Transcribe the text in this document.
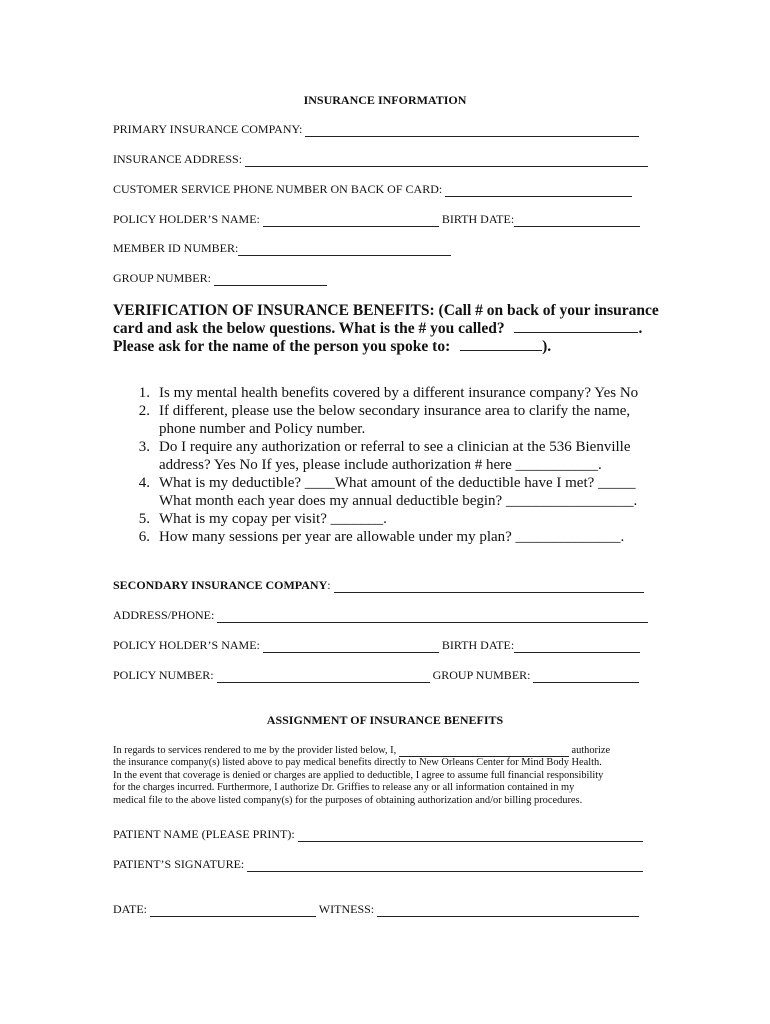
INSURANCE INFORMATION
PRIMARY INSURANCE COMPANY:
INSURANCE ADDRESS:
CUSTOMER SERVICE PHONE NUMBER ON BACK OF CARD:
POLICY HOLDER’S NAME:	BIRTH DATE:
MEMBER ID NUMBER:
GROUP NUMBER:
VERIFICATION OF INSURANCE BENEFITS: (Call # on back of your insurance
card and ask the below questions. What is the # you called?	.
Please ask for the name of the person you spoke to:	).
1. Is my mental health benefits covered by a different insurance company? Yes No
2. If different, please use the below secondary insurance area to clarify the name,
phone number and Policy number.
3. Do I require any authorization or referral to see a clinician at the 536 Bienville
address? Yes No If yes, please include authorization # here ___________.
4. What is my deductible? ____What amount of the deductible have I met? _____
What month each year does my annual deductible begin? _________________.
5. What is my copay per visit? _______.
6. How many sessions per year are allowable under my plan? ______________.
SECONDARY INSURANCE COMPANY:
ADDRESS/PHONE:
POLICY HOLDER’S NAME:	BIRTH DATE:
POLICY NUMBER:	GROUP NUMBER:
ASSIGNMENT OF INSURANCE BENEFITS
In regards to services rendered to me by the provider listed below, I,	authorize
the insurance company(s) listed above to pay medical benefits directly to New Orleans Center for Mind Body Health.
In the event that coverage is denied or charges are applied to deductible, I agree to assume full financial responsibility
for the charges incurred. Furthermore, I authorize Dr. Griffies to release any or all information contained in my
medical file to the above listed company(s) for the purposes of obtaining authorization and/or billing procedures.
PATIENT NAME (PLEASE PRINT):
PATIENT’S SIGNATURE:
DATE:	WITNESS:
